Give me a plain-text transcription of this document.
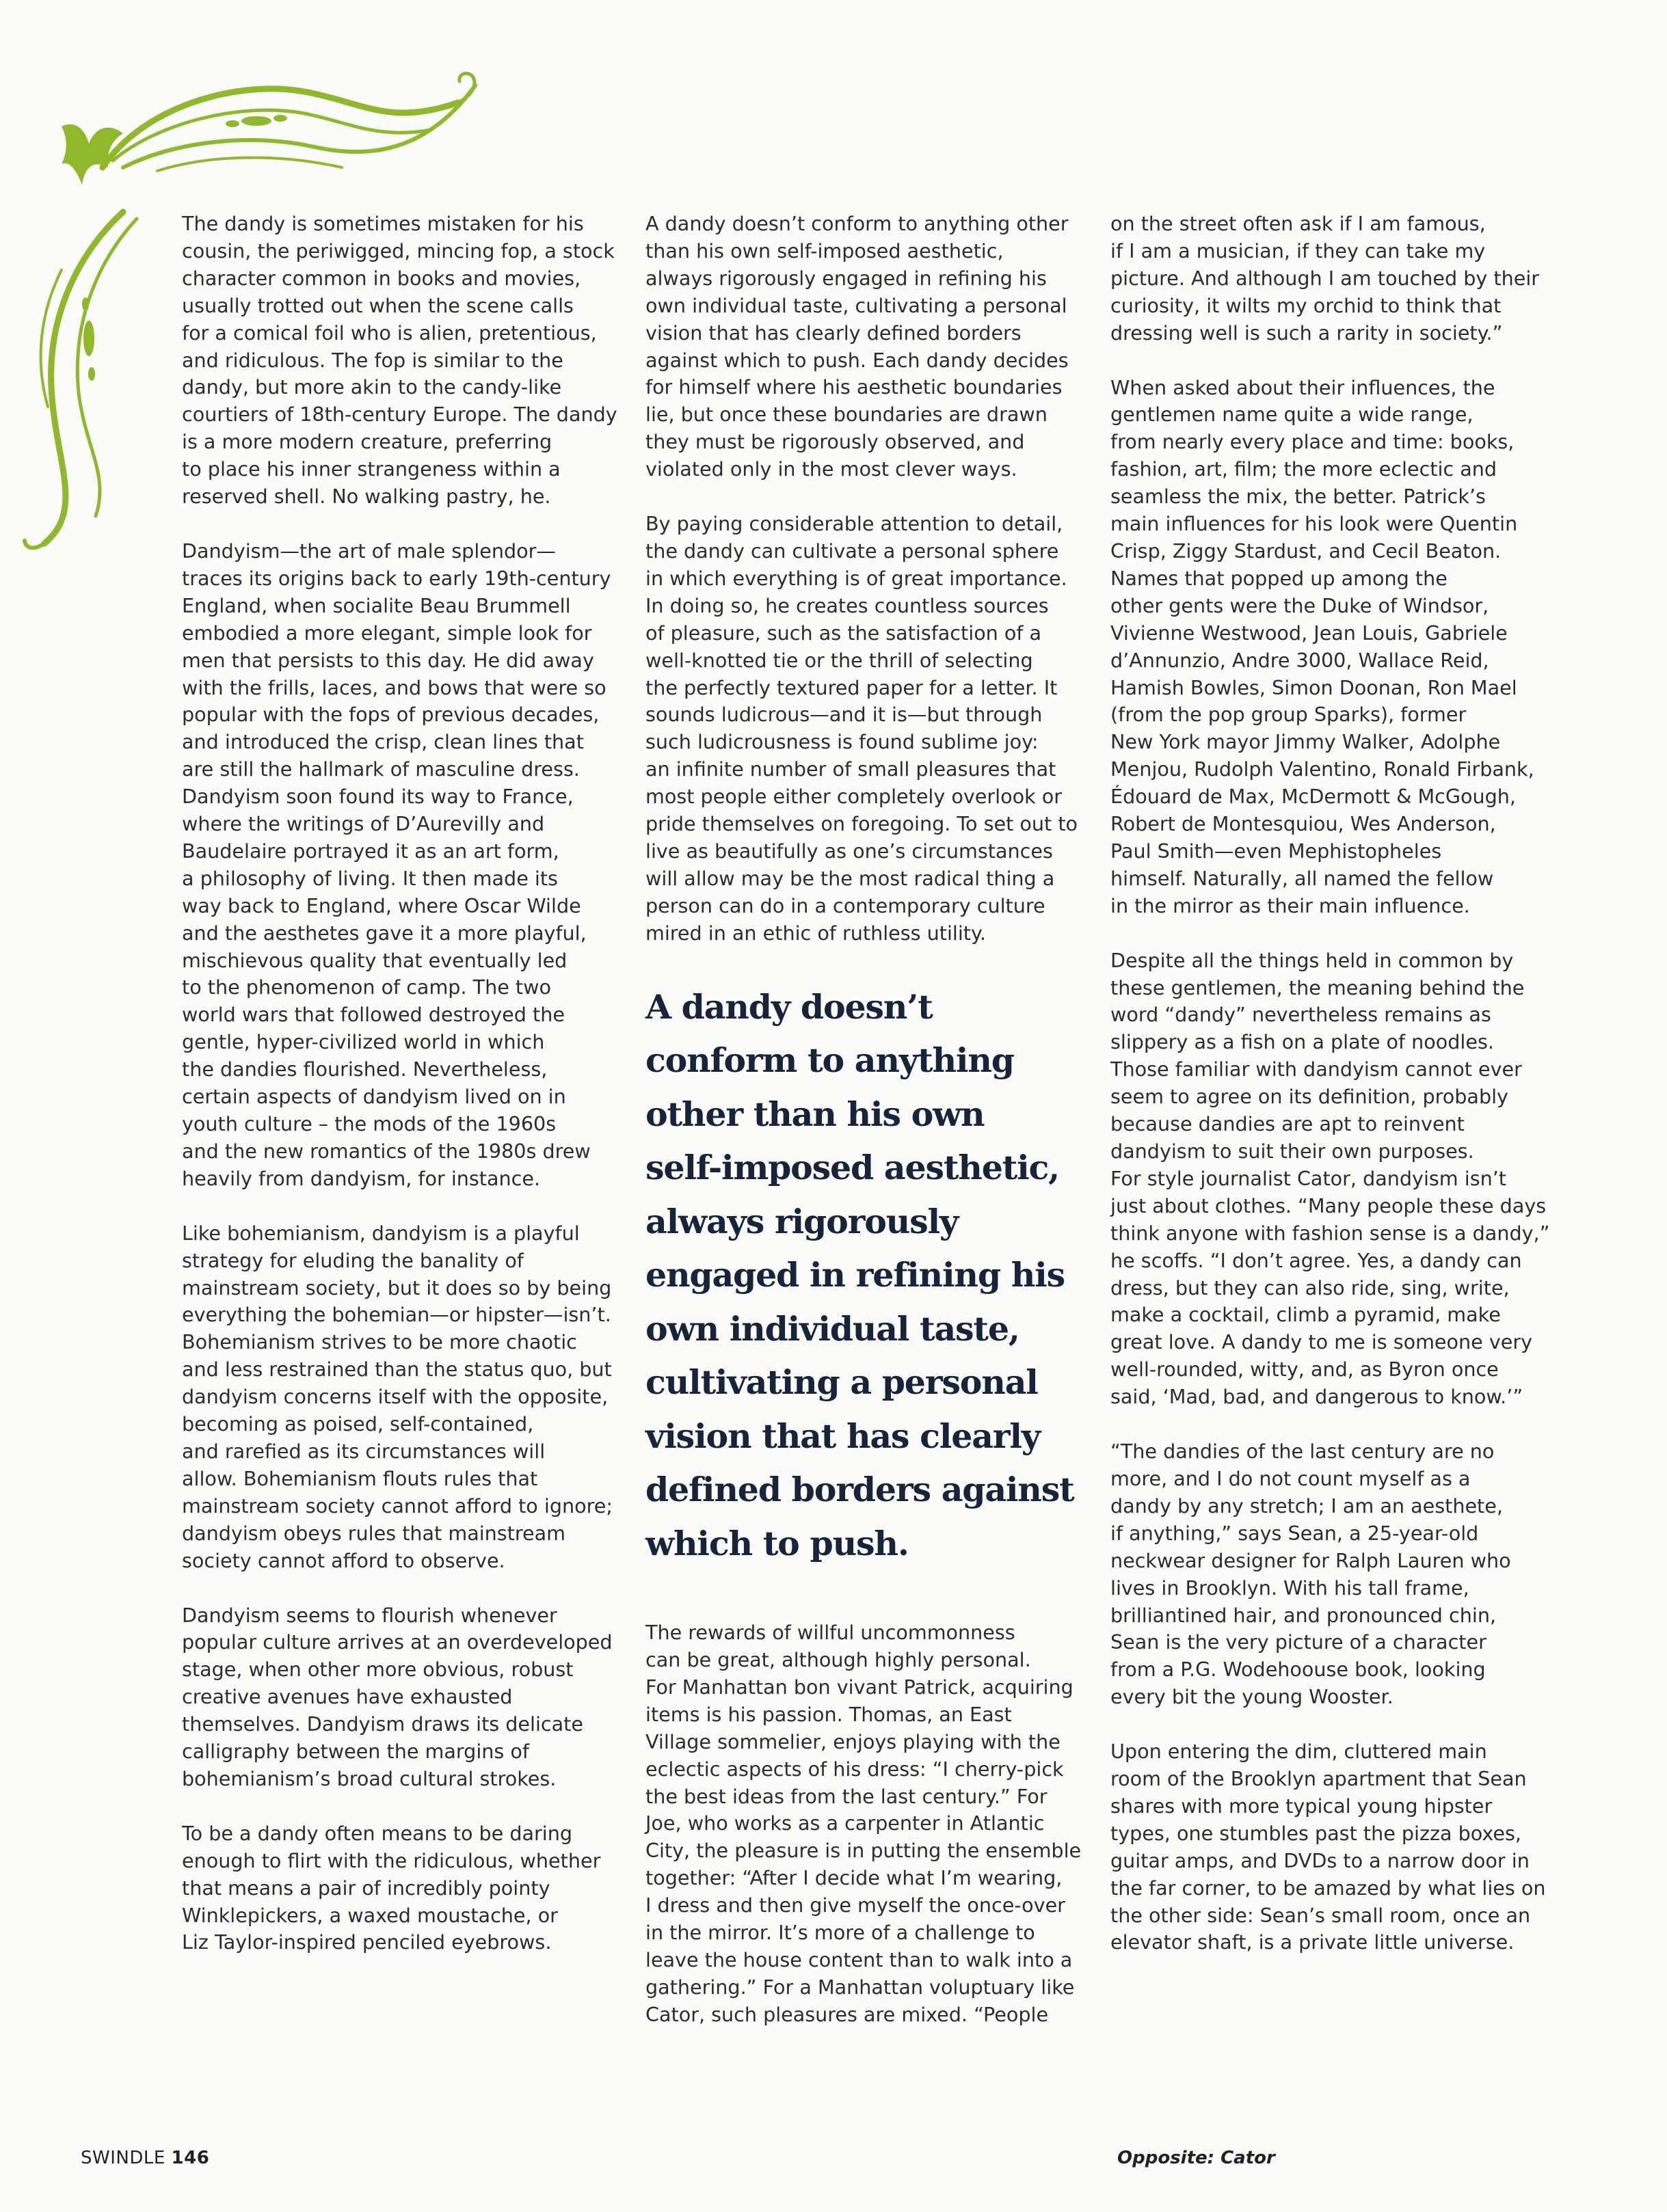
The dandy is sometimes mistaken for his
cousin, the periwigged, mincing fop, a stock
character common in books and movies,
usually trotted out when the scene calls
for a comical foil who is alien, pretentious,
and ridiculous. The fop is similar to the
dandy, but more akin to the candy-like
courtiers of 18th-century Europe. The dandy
is a more modern creature, preferring
to place his inner strangeness within a
reserved shell. No walking pastry, he.

Dandyism—the art of male splendor—
traces its origins back to early 19th-century
England, when socialite Beau Brummell
embodied a more elegant, simple look for
men that persists to this day. He did away
with the frills, laces, and bows that were so
popular with the fops of previous decades,
and introduced the crisp, clean lines that
are still the hallmark of masculine dress.
Dandyism soon found its way to France,
where the writings of D’Aurevilly and
Baudelaire portrayed it as an art form,
a philosophy of living. It then made its
way back to England, where Oscar Wilde
and the aesthetes gave it a more playful,
mischievous quality that eventually led
to the phenomenon of camp. The two
world wars that followed destroyed the
gentle, hyper-civilized world in which
the dandies flourished. Nevertheless,
certain aspects of dandyism lived on in
youth culture – the mods of the 1960s
and the new romantics of the 1980s drew
heavily from dandyism, for instance.

Like bohemianism, dandyism is a playful
strategy for eluding the banality of
mainstream society, but it does so by being
everything the bohemian—or hipster—isn’t.
Bohemianism strives to be more chaotic
and less restrained than the status quo, but
dandyism concerns itself with the opposite,
becoming as poised, self-contained,
and rarefied as its circumstances will
allow. Bohemianism flouts rules that
mainstream society cannot afford to ignore;
dandyism obeys rules that mainstream
society cannot afford to observe.

Dandyism seems to flourish whenever
popular culture arrives at an overdeveloped
stage, when other more obvious, robust
creative avenues have exhausted
themselves. Dandyism draws its delicate
calligraphy between the margins of
bohemianism’s broad cultural strokes.

To be a dandy often means to be daring
enough to flirt with the ridiculous, whether
that means a pair of incredibly pointy
Winklepickers, a waxed moustache, or
Liz Taylor-inspired penciled eyebrows.

A dandy doesn’t conform to anything other
than his own self-imposed aesthetic,
always rigorously engaged in refining his
own individual taste, cultivating a personal
vision that has clearly defined borders
against which to push. Each dandy decides
for himself where his aesthetic boundaries
lie, but once these boundaries are drawn
they must be rigorously observed, and
violated only in the most clever ways.

By paying considerable attention to detail,
the dandy can cultivate a personal sphere
in which everything is of great importance.
In doing so, he creates countless sources
of pleasure, such as the satisfaction of a
well-knotted tie or the thrill of selecting
the perfectly textured paper for a letter. It
sounds ludicrous—and it is—but through
such ludicrousness is found sublime joy:
an infinite number of small pleasures that
most people either completely overlook or
pride themselves on foregoing. To set out to
live as beautifully as one’s circumstances
will allow may be the most radical thing a
person can do in a contemporary culture
mired in an ethic of ruthless utility.

A dandy doesn’t
conform to anything
other than his own
self-imposed aesthetic,
always rigorously
engaged in refining his
own individual taste,
cultivating a personal
vision that has clearly
defined borders against
which to push.

The rewards of willful uncommonness
can be great, although highly personal.
For Manhattan bon vivant Patrick, acquiring
items is his passion. Thomas, an East
Village sommelier, enjoys playing with the
eclectic aspects of his dress: “I cherry-pick
the best ideas from the last century.” For
Joe, who works as a carpenter in Atlantic
City, the pleasure is in putting the ensemble
together: “After I decide what I’m wearing,
I dress and then give myself the once-over
in the mirror. It’s more of a challenge to
leave the house content than to walk into a
gathering.” For a Manhattan voluptuary like
Cator, such pleasures are mixed. “People

on the street often ask if I am famous,
if I am a musician, if they can take my
picture. And although I am touched by their
curiosity, it wilts my orchid to think that
dressing well is such a rarity in society.”

When asked about their influences, the
gentlemen name quite a wide range,
from nearly every place and time: books,
fashion, art, film; the more eclectic and
seamless the mix, the better. Patrick’s
main influences for his look were Quentin
Crisp, Ziggy Stardust, and Cecil Beaton.
Names that popped up among the
other gents were the Duke of Windsor,
Vivienne Westwood, Jean Louis, Gabriele
d’Annunzio, Andre 3000, Wallace Reid,
Hamish Bowles, Simon Doonan, Ron Mael
(from the pop group Sparks), former
New York mayor Jimmy Walker, Adolphe
Menjou, Rudolph Valentino, Ronald Firbank,
Édouard de Max, McDermott & McGough,
Robert de Montesquiou, Wes Anderson,
Paul Smith—even Mephistopheles
himself. Naturally, all named the fellow
in the mirror as their main influence.

Despite all the things held in common by
these gentlemen, the meaning behind the
word “dandy” nevertheless remains as
slippery as a fish on a plate of noodles.
Those familiar with dandyism cannot ever
seem to agree on its definition, probably
because dandies are apt to reinvent
dandyism to suit their own purposes.
For style journalist Cator, dandyism isn’t
just about clothes. “Many people these days
think anyone with fashion sense is a dandy,”
he scoffs. “I don’t agree. Yes, a dandy can
dress, but they can also ride, sing, write,
make a cocktail, climb a pyramid, make
great love. A dandy to me is someone very
well-rounded, witty, and, as Byron once
said, ‘Mad, bad, and dangerous to know.’”

“The dandies of the last century are no
more, and I do not count myself as a
dandy by any stretch; I am an aesthete,
if anything,” says Sean, a 25-year-old
neckwear designer for Ralph Lauren who
lives in Brooklyn. With his tall frame,
brilliantined hair, and pronounced chin,
Sean is the very picture of a character
from a P.G. Wodehoouse book, looking
every bit the young Wooster.

Upon entering the dim, cluttered main
room of the Brooklyn apartment that Sean
shares with more typical young hipster
types, one stumbles past the pizza boxes,
guitar amps, and DVDs to a narrow door in
the far corner, to be amazed by what lies on
the other side: Sean’s small room, once an
elevator shaft, is a private little universe.

SWINDLE 146	Opposite: Cator
